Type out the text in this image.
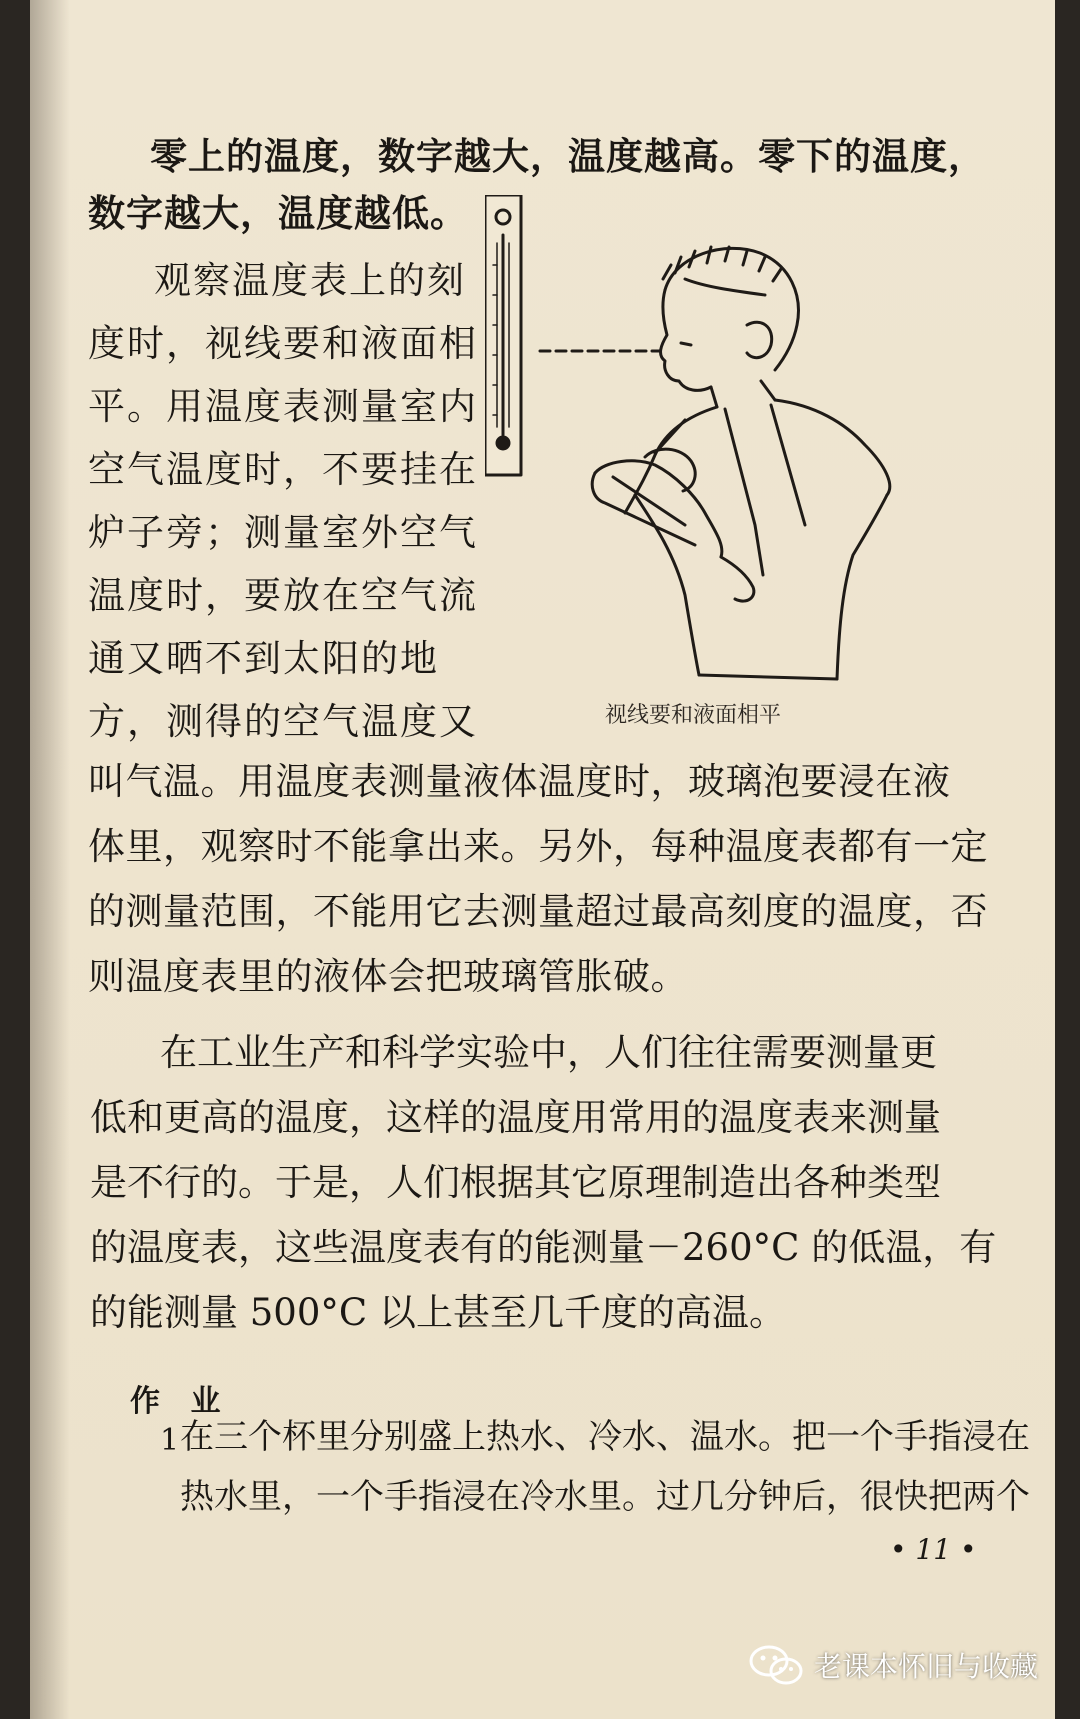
零上的温度，数字越大，温度越高。零下的温度，
数字越大，温度越低。
观察温度表上的刻
度时，视线要和液面相
平。用温度表测量室内
空气温度时，不要挂在
炉子旁；测量室外空气
温度时，要放在空气流
通又晒不到太阳的地
方，测得的空气温度又	视线要和液面相平
叫气温。用温度表测量液体温度时，玻璃泡要浸在液
体里，观察时不能拿出来。另外，每种温度表都有一定
的测量范围，不能用它去测量超过最高刻度的温度，否
则温度表里的液体会把玻璃管胀破。
在工业生产和科学实验中，人们往往需要测量更
低和更高的温度，这样的温度用常用的温度表来测量
是不行的。于是，人们根据其它原理制造出各种类型
的温度表，这些温度表有的能测量－260°C 的低温，有
的能测量 500°C 以上甚至几千度的高温。
作 业
1 在三个杯里分别盛上热水、冷水、温水。把一个手指浸在
热水里，一个手指浸在冷水里。过几分钟后，很快把两个
• 11 •
老课本怀旧与收藏
